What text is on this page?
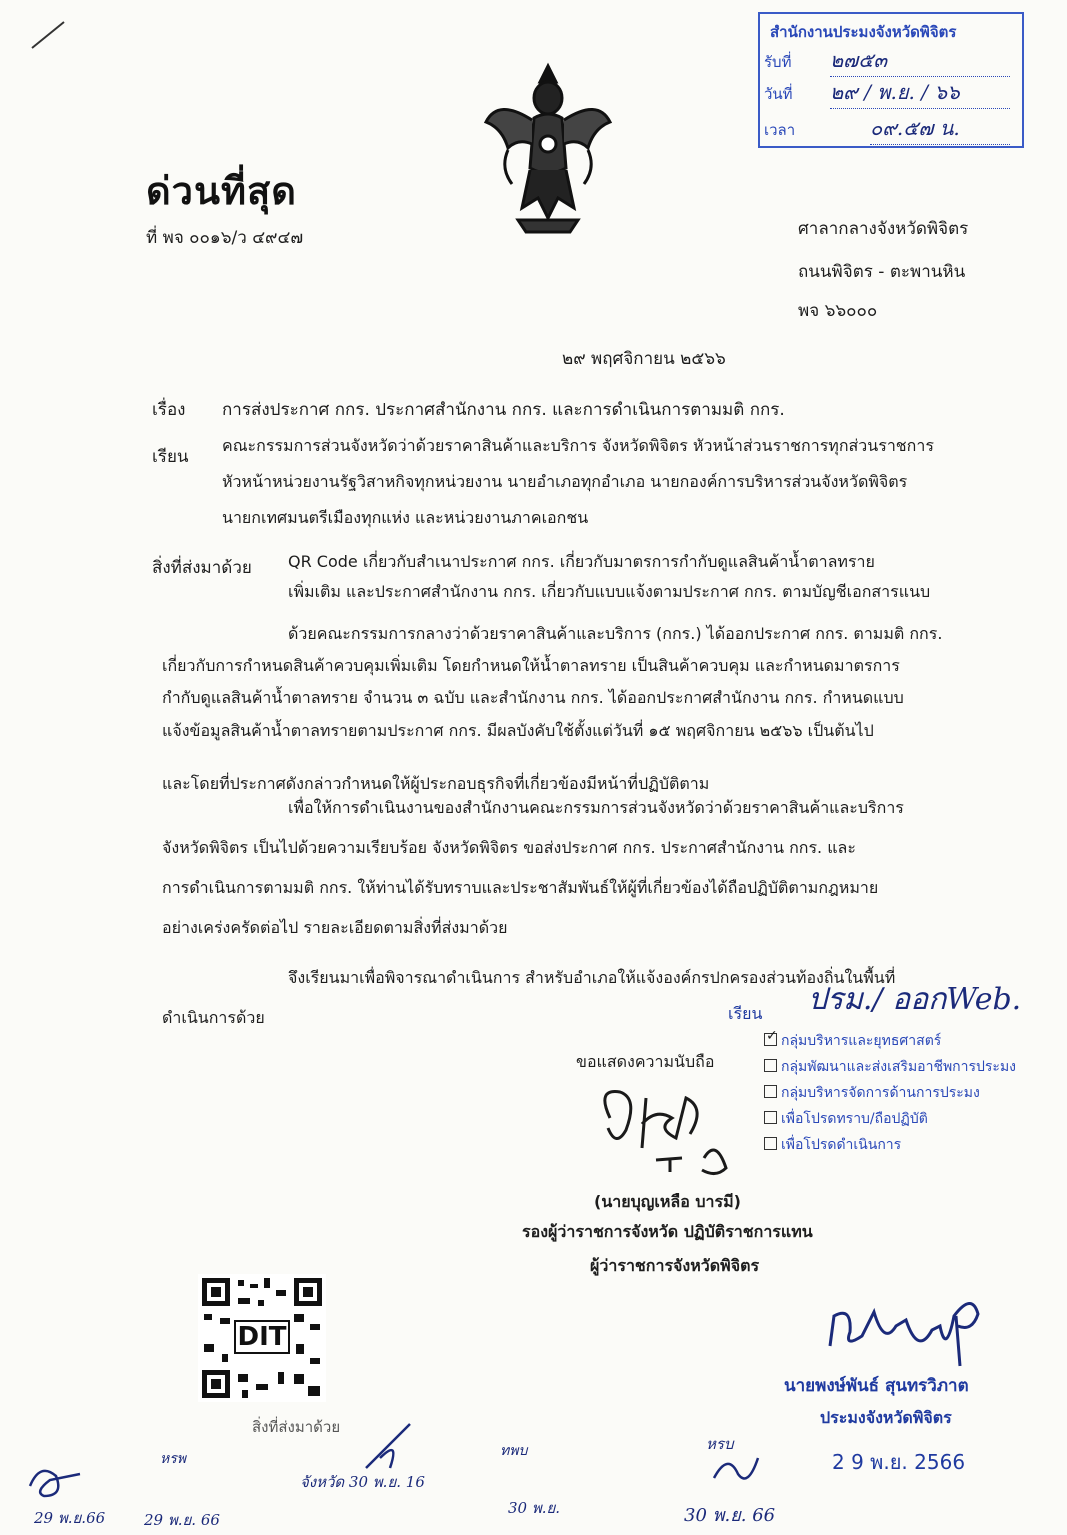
สำนักงานประมงจังหวัดพิจิตร
รับที่ ๒๗๕๓
วันที่ ๒๙ / พ.ย. / ๖๖
เวลา	๐๙.๕๗ น.
ด่วนที่สุด
ที่ พจ ๐๐๑๖/ว ๔๙๔๗	ศาลากลางจังหวัดพิจิตร
ถนนพิจิตร - ตะพานหิน
พจ ๖๖๐๐๐
๒๙ พฤศจิกายน ๒๕๖๖
เรื่อง การส่งประกาศ กกร. ประกาศสำนักงาน กกร. และการดำเนินการตามมติ กกร.
เรียน
คณะกรรมการส่วนจังหวัดว่าด้วยราคาสินค้าและบริการ จังหวัดพิจิตร หัวหน้าส่วนราชการทุกส่วนราชการ
หัวหน้าหน่วยงานรัฐวิสาหกิจทุกหน่วยงาน นายอำเภอทุกอำเภอ นายกองค์การบริหารส่วนจังหวัดพิจิตร
นายกเทศมนตรีเมืองทุกแห่ง และหน่วยงานภาคเอกชน
สิ่งที่ส่งมาด้วย QR Code เกี่ยวกับสำเนาประกาศ กกร. เกี่ยวกับมาตรการกำกับดูแลสินค้าน้ำตาลทราย
เพิ่มเติม และประกาศสำนักงาน กกร. เกี่ยวกับแบบแจ้งตามประกาศ กกร. ตามบัญชีเอกสารแนบ
ด้วยคณะกรรมการกลางว่าด้วยราคาสินค้าและบริการ (กกร.) ได้ออกประกาศ กกร. ตามมติ กกร.
เกี่ยวกับการกำหนดสินค้าควบคุมเพิ่มเติม โดยกำหนดให้น้ำตาลทราย เป็นสินค้าควบคุม และกำหนดมาตรการ
กำกับดูแลสินค้าน้ำตาลทราย จำนวน ๓ ฉบับ และสำนักงาน กกร. ได้ออกประกาศสำนักงาน กกร. กำหนดแบบ
แจ้งข้อมูลสินค้าน้ำตาลทรายตามประกาศ กกร. มีผลบังคับใช้ตั้งแต่วันที่ ๑๕ พฤศจิกายน ๒๕๖๖ เป็นต้นไป
และโดยที่ประกาศดังกล่าวกำหนดให้ผู้ประกอบธุรกิจที่เกี่ยวข้องมีหน้าที่ปฏิบัติตาม
เพื่อให้การดำเนินงานของสำนักงานคณะกรรมการส่วนจังหวัดว่าด้วยราคาสินค้าและบริการ
จังหวัดพิจิตร เป็นไปด้วยความเรียบร้อย จังหวัดพิจิตร ขอส่งประกาศ กกร. ประกาศสำนักงาน กกร. และ
การดำเนินการตามมติ กกร. ให้ท่านได้รับทราบและประชาสัมพันธ์ให้ผู้ที่เกี่ยวข้องได้ถือปฏิบัติตามกฎหมาย
อย่างเคร่งครัดต่อไป รายละเอียดตามสิ่งที่ส่งมาด้วย
จึงเรียนมาเพื่อพิจารณาดำเนินการ สำหรับอำเภอให้แจ้งองค์กรปกครองส่วนท้องถิ่นในพื้นที่
ดำเนินการด้วย	เรียน ปรม./ ออกWeb.
✓ กลุ่มบริหารและยุทธศาสตร์
กลุ่มพัฒนาและส่งเสริมอาชีพการประมง
กลุ่มบริหารจัดการด้านการประมง
เพื่อโปรดทราบ/ถือปฏิบัติ
เพื่อโปรดดำเนินการ
ขอแสดงความนับถือ
(นายบุญเหลือ บารมี)
รองผู้ว่าราชการจังหวัด ปฏิบัติราชการแทน
ผู้ว่าราชการจังหวัดพิจิตร
DIT
สิ่งที่ส่งมาด้วย
นายพงษ์พันธ์ สุนทรวิภาต
ประมงจังหวัดพิจิตร
2 9 พ.ย. 2566
29 พ.ย.66
หรพ
29 พ.ย. 66
จังหวัด 30 พ.ย. 16
ทพบ
30 พ.ย.
หรบ
30 พ.ย. 66
